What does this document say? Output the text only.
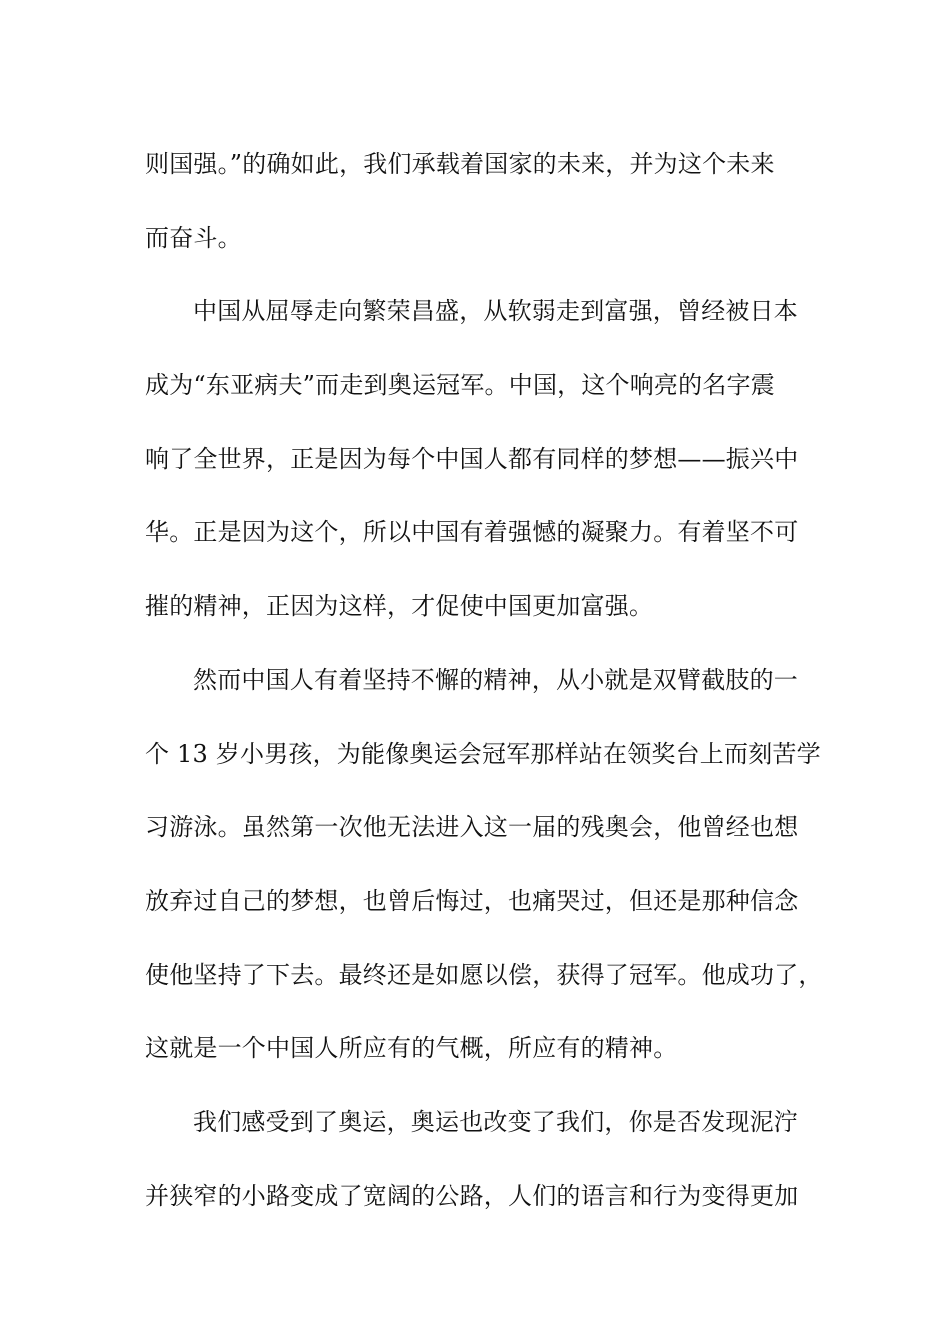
则国强。”的确如此，我们承载着国家的未来，并为这个未来
而奋斗。
中国从屈辱走向繁荣昌盛，从软弱走到富强，曾经被日本
成为“东亚病夫”而走到奥运冠军。中国，这个响亮的名字震
响了全世界，正是因为每个中国人都有同样的梦想——振兴中
华。正是因为这个，所以中国有着强憾的凝聚力。有着坚不可
摧的精神，正因为这样，才促使中国更加富强。
然而中国人有着坚持不懈的精神，从小就是双臂截肢的一
个 13 岁小男孩，为能像奥运会冠军那样站在领奖台上而刻苦学
习游泳。虽然第一次他无法进入这一届的残奥会，他曾经也想
放弃过自己的梦想，也曾后悔过，也痛哭过，但还是那种信念
使他坚持了下去。最终还是如愿以偿，获得了冠军。他成功了，
这就是一个中国人所应有的气概，所应有的精神。
我们感受到了奥运，奥运也改变了我们，你是否发现泥泞
并狭窄的小路变成了宽阔的公路，人们的语言和行为变得更加
